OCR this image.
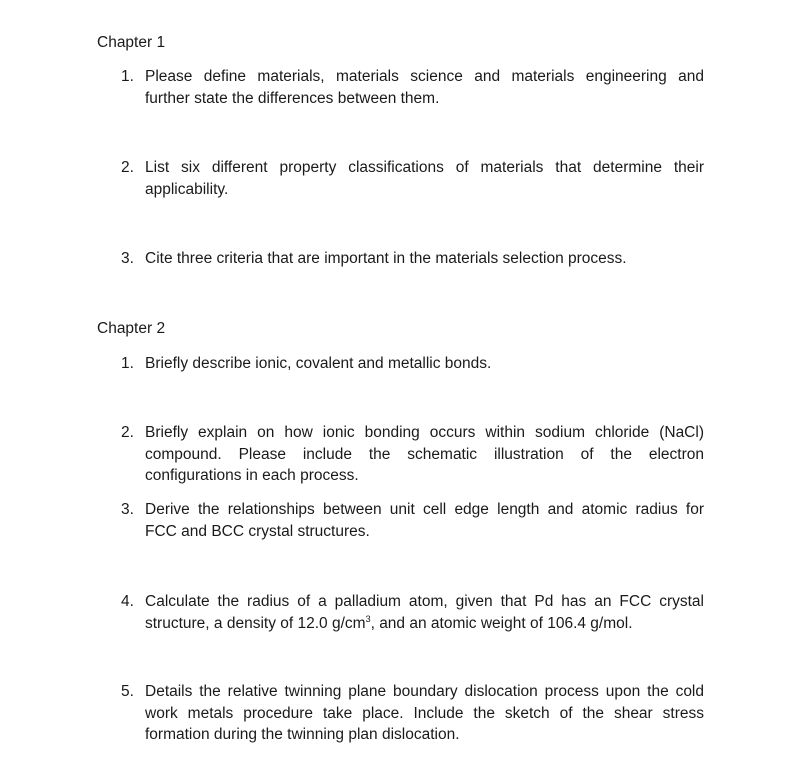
Chapter 1
1. Please define materials, materials science and materials engineering and
further state the differences between them.
2. List six different property classifications of materials that determine their
applicability.
3. Cite three criteria that are important in the materials selection process.
Chapter 2
1. Briefly describe ionic, covalent and metallic bonds.
2. Briefly explain on how ionic bonding occurs within sodium chloride (NaCl)
compound. Please include the schematic illustration of the electron
configurations in each process.
3. Derive the relationships between unit cell edge length and atomic radius for
FCC and BCC crystal structures.
4. Calculate the radius of a palladium atom, given that Pd has an FCC crystal
structure, a density of 12.0 $g/cm^3$, and an atomic weight of 106.4 g/mol.
5. Details the relative twinning plane boundary dislocation process upon the cold
work metals procedure take place. Include the sketch of the shear stress
formation during the twinning plan dislocation.
